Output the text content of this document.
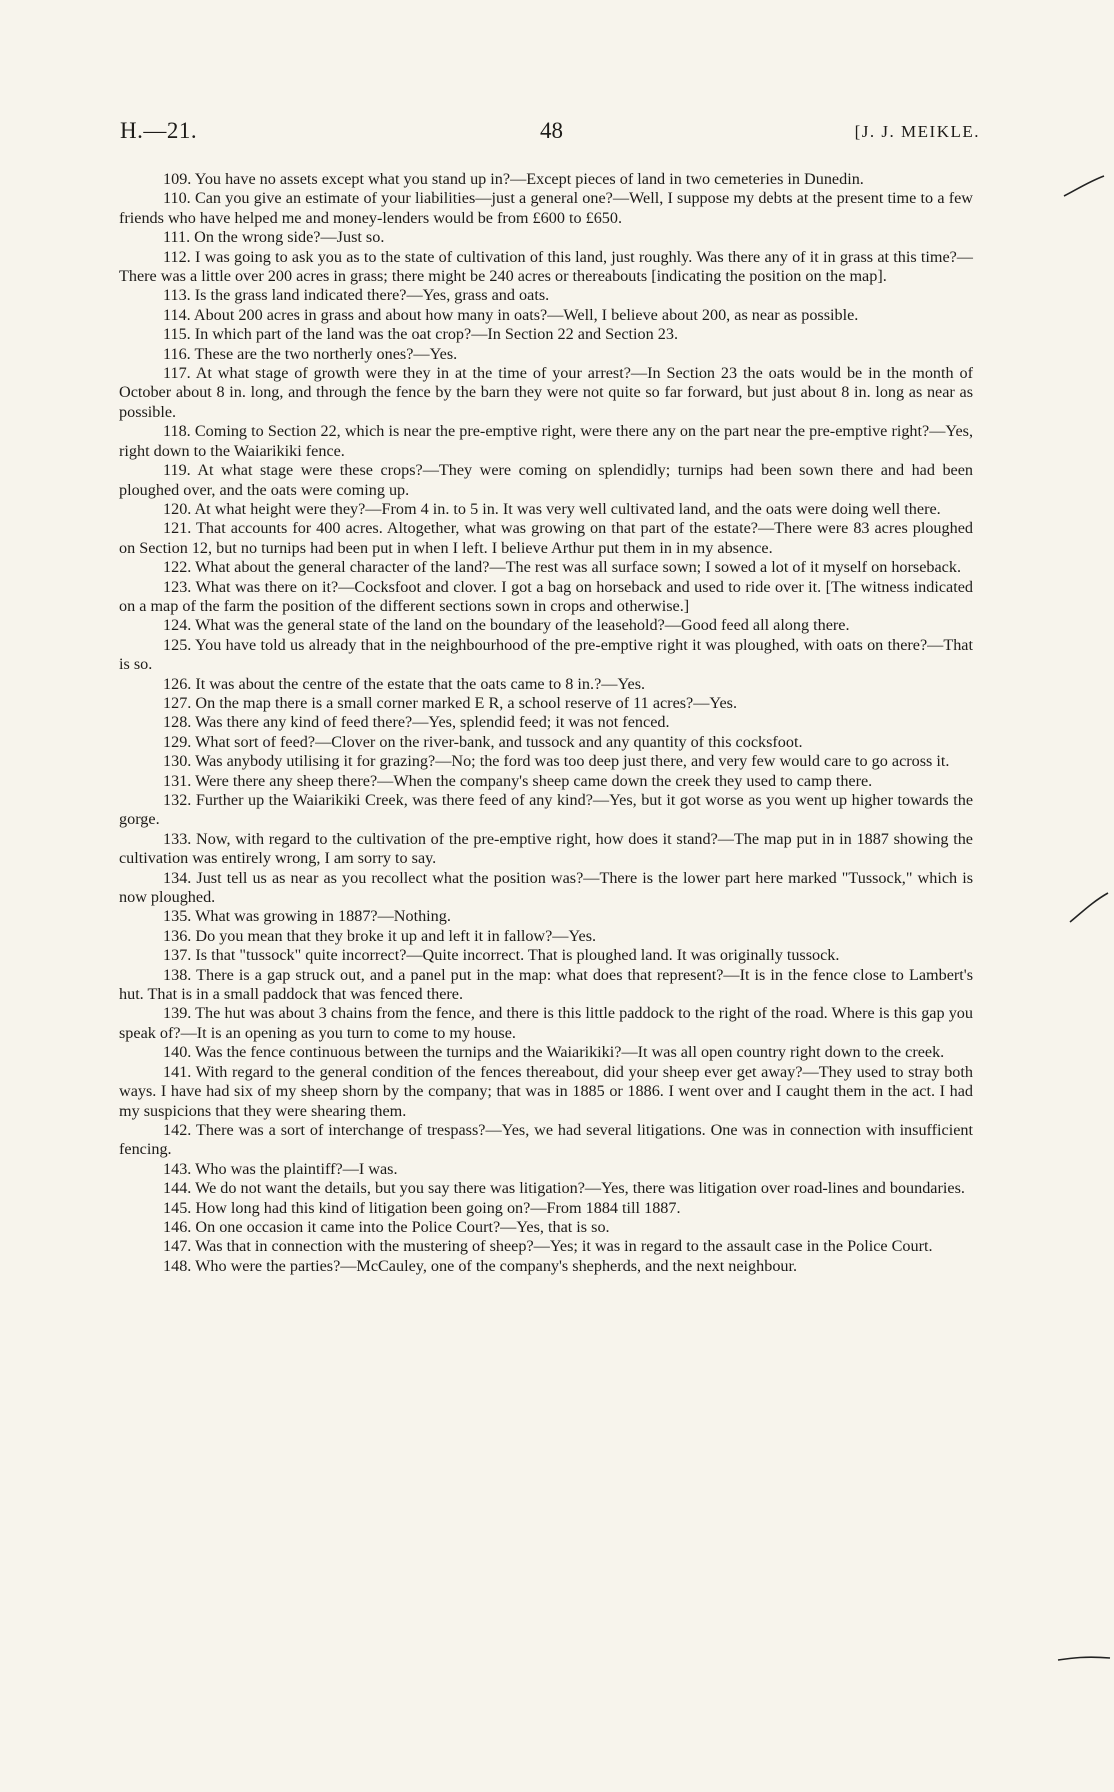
H.—21.	48	[J. J. MEIKLE.

109. You have no assets except what you stand up in?—Except pieces of land in two cemeteries in Dunedin.

110. Can you give an estimate of your liabilities—just a general one?—Well, I suppose my debts at the present time to a few friends who have helped me and money-lenders would be from £600 to £650.

111. On the wrong side?—Just so.

112. I was going to ask you as to the state of cultivation of this land, just roughly. Was there any of it in grass at this time?—There was a little over 200 acres in grass; there might be 240 acres or thereabouts [indicating the position on the map].

113. Is the grass land indicated there?—Yes, grass and oats.

114. About 200 acres in grass and about how many in oats?—Well, I believe about 200, as near as possible.

115. In which part of the land was the oat crop?—In Section 22 and Section 23.

116. These are the two northerly ones?—Yes.

117. At what stage of growth were they in at the time of your arrest?—In Section 23 the oats would be in the month of October about 8 in. long, and through the fence by the barn they were not quite so far forward, but just about 8 in. long as near as possible.

118. Coming to Section 22, which is near the pre-emptive right, were there any on the part near the pre-emptive right?—Yes, right down to the Waiarikiki fence.

119. At what stage were these crops?—They were coming on splendidly; turnips had been sown there and had been ploughed over, and the oats were coming up.

120. At what height were they?—From 4 in. to 5 in. It was very well cultivated land, and the oats were doing well there.

121. That accounts for 400 acres. Altogether, what was growing on that part of the estate?—There were 83 acres ploughed on Section 12, but no turnips had been put in when I left. I believe Arthur put them in in my absence.

122. What about the general character of the land?—The rest was all surface sown; I sowed a lot of it myself on horseback.

123. What was there on it?—Cocksfoot and clover. I got a bag on horseback and used to ride over it. [The witness indicated on a map of the farm the position of the different sections sown in crops and otherwise.]

124. What was the general state of the land on the boundary of the leasehold?—Good feed all along there.

125. You have told us already that in the neighbourhood of the pre-emptive right it was ploughed, with oats on there?—That is so.

126. It was about the centre of the estate that the oats came to 8 in.?—Yes.

127. On the map there is a small corner marked E R, a school reserve of 11 acres?—Yes.

128. Was there any kind of feed there?—Yes, splendid feed; it was not fenced.

129. What sort of feed?—Clover on the river-bank, and tussock and any quantity of this cocksfoot.

130. Was anybody utilising it for grazing?—No; the ford was too deep just there, and very few would care to go across it.

131. Were there any sheep there?—When the company's sheep came down the creek they used to camp there.

132. Further up the Waiarikiki Creek, was there feed of any kind?—Yes, but it got worse as you went up higher towards the gorge.

133. Now, with regard to the cultivation of the pre-emptive right, how does it stand?—The map put in in 1887 showing the cultivation was entirely wrong, I am sorry to say.

134. Just tell us as near as you recollect what the position was?—There is the lower part here marked "Tussock," which is now ploughed.

135. What was growing in 1887?—Nothing.

136. Do you mean that they broke it up and left it in fallow?—Yes.

137. Is that "tussock" quite incorrect?—Quite incorrect. That is ploughed land. It was originally tussock.

138. There is a gap struck out, and a panel put in the map: what does that represent?—It is in the fence close to Lambert's hut. That is in a small paddock that was fenced there.

139. The hut was about 3 chains from the fence, and there is this little paddock to the right of the road. Where is this gap you speak of?—It is an opening as you turn to come to my house.

140. Was the fence continuous between the turnips and the Waiarikiki?—It was all open country right down to the creek.

141. With regard to the general condition of the fences thereabout, did your sheep ever get away?—They used to stray both ways. I have had six of my sheep shorn by the company; that was in 1885 or 1886. I went over and I caught them in the act. I had my suspicions that they were shearing them.

142. There was a sort of interchange of trespass?—Yes, we had several litigations. One was in connection with insufficient fencing.

143. Who was the plaintiff?—I was.

144. We do not want the details, but you say there was litigation?—Yes, there was litigation over road-lines and boundaries.

145. How long had this kind of litigation been going on?—From 1884 till 1887.

146. On one occasion it came into the Police Court?—Yes, that is so.

147. Was that in connection with the mustering of sheep?—Yes; it was in regard to the assault case in the Police Court.

148. Who were the parties?—McCauley, one of the company's shepherds, and the next neighbour.
